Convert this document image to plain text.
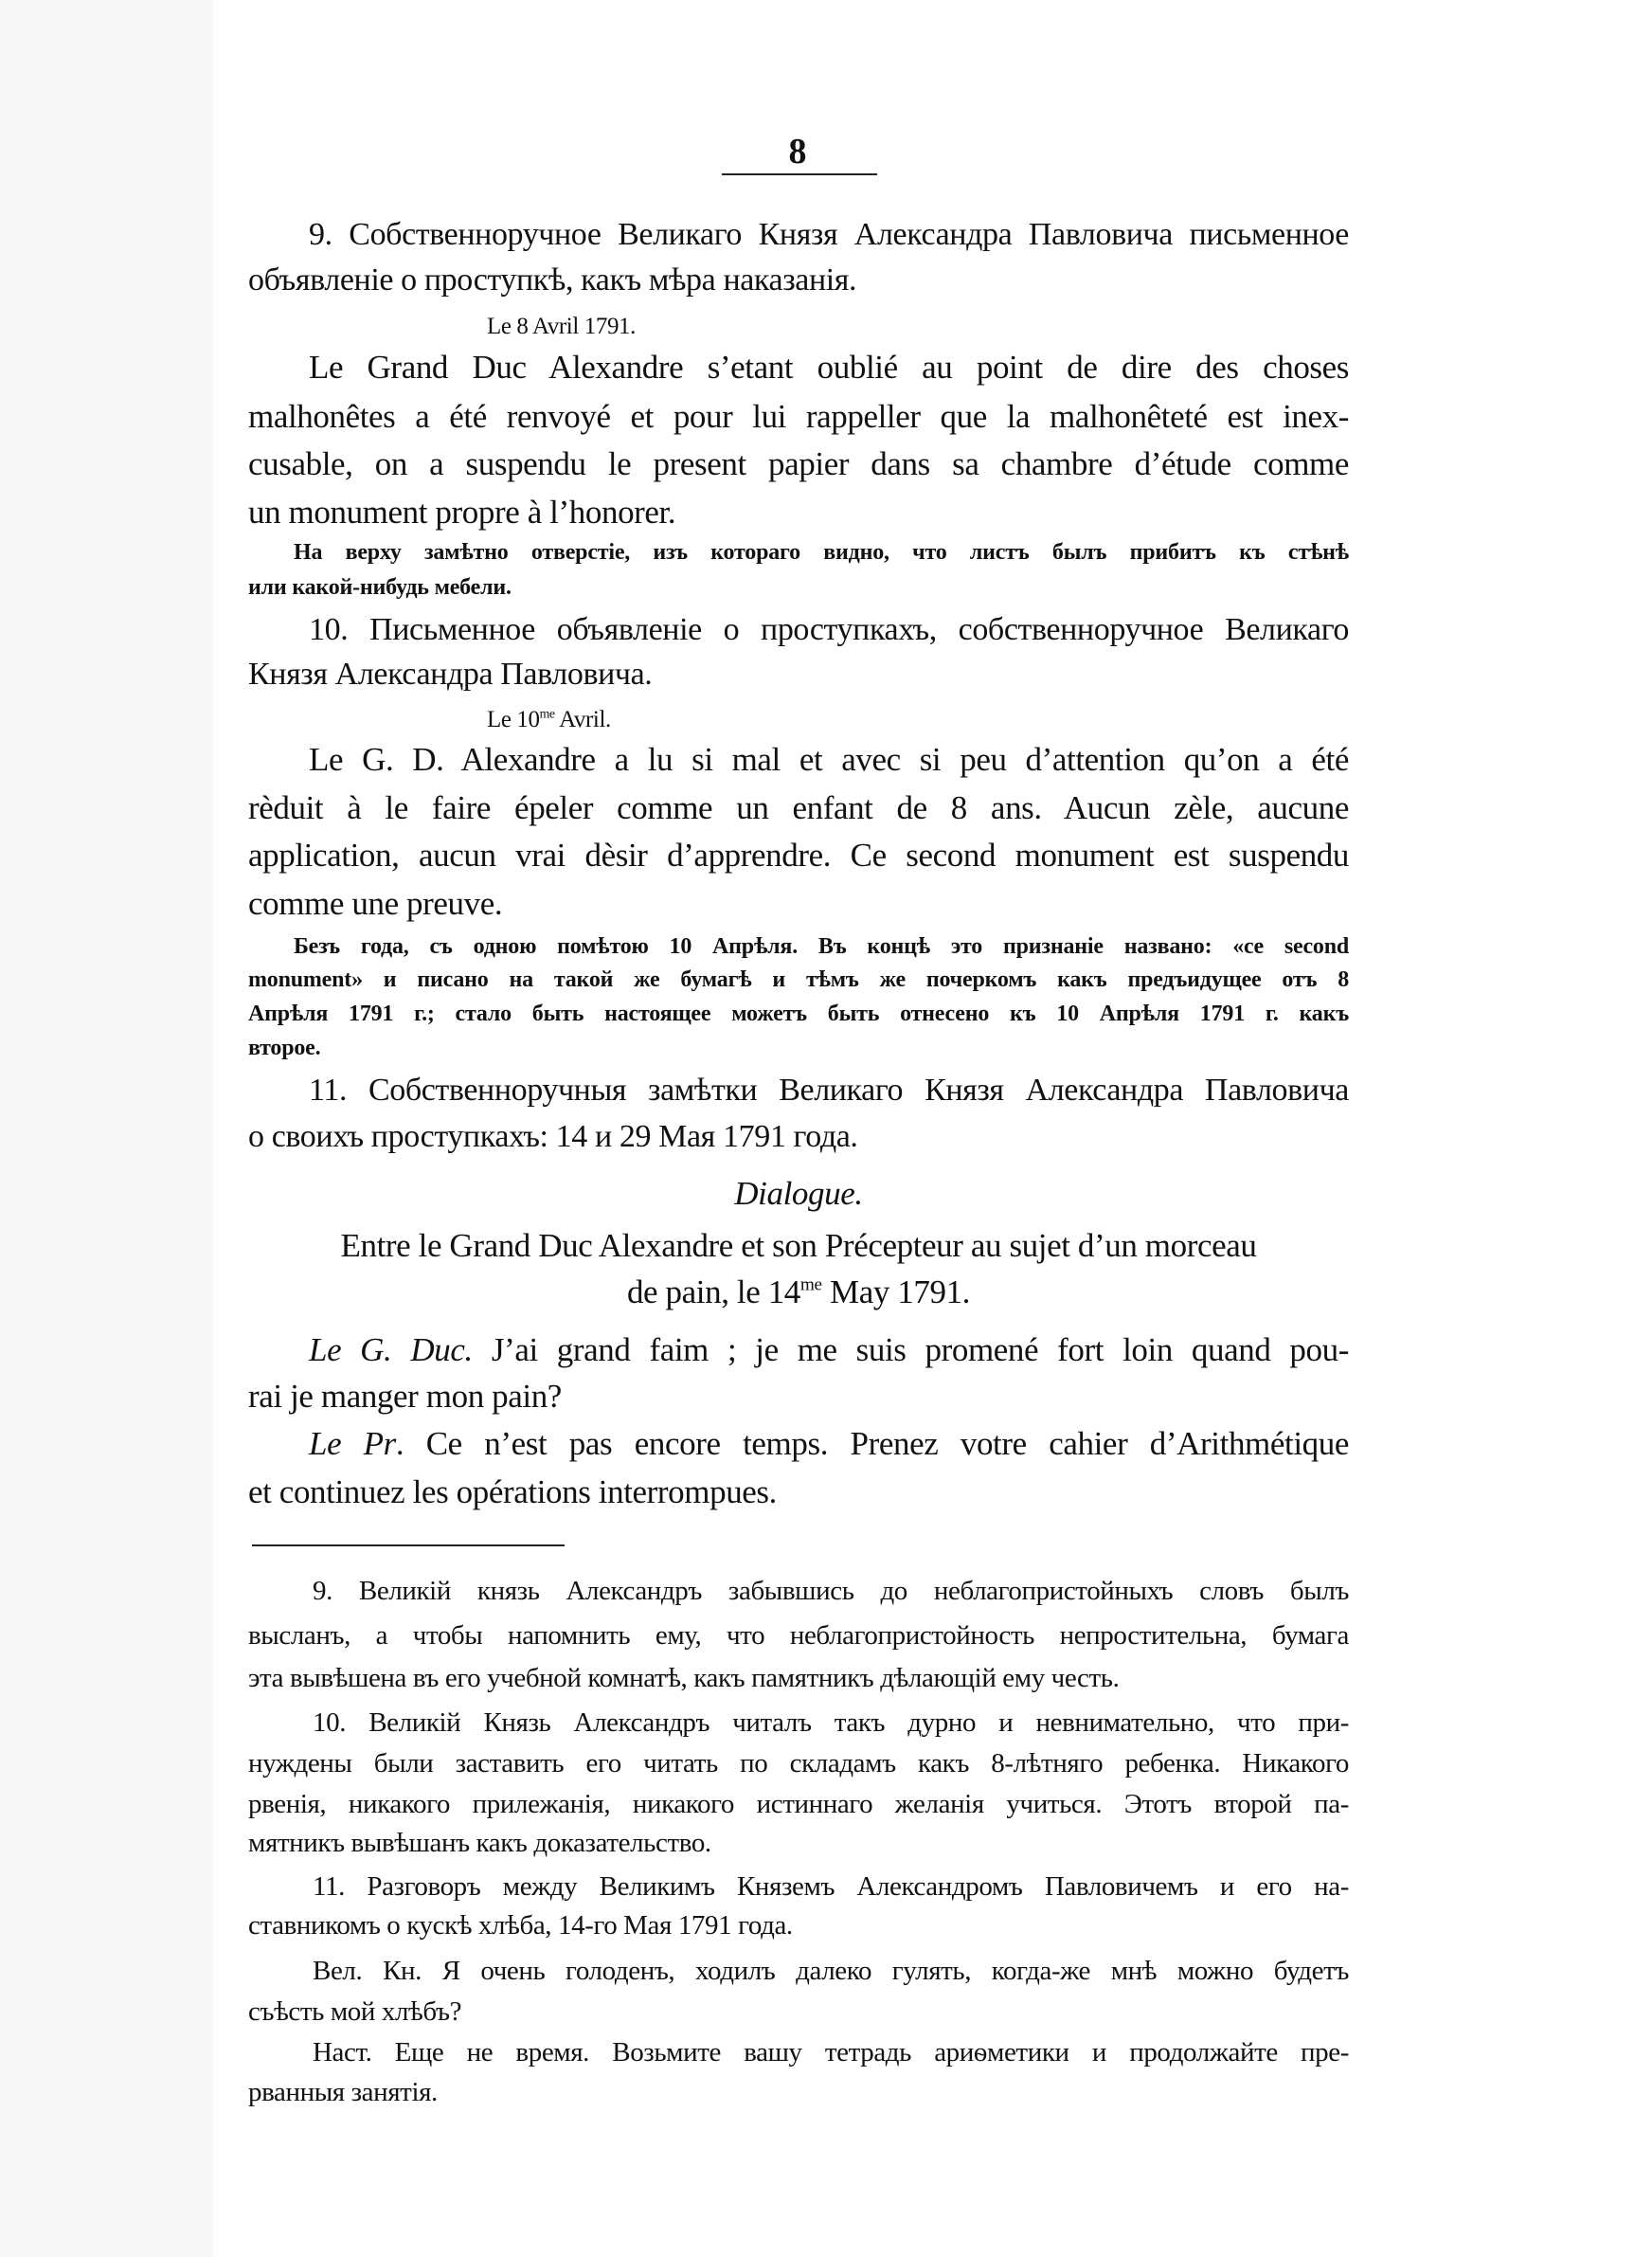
8
9. Собственноручное Великаго Князя Александра Павловича письменное
объявленіе о проступкѣ, какъ мѣра наказанія.
Le 8 Avril 1791.
Le Grand Duc Alexandre s’etant oublié au point de dire des choses
malhonêtes a été renvoyé et pour lui rappeller que la malhonêteté est inex-
cusable, on a suspendu le present papier dans sa chambre d’étude comme
un monument propre à l’honorer.
На верху замѣтно отверстіе, изъ котораго видно, что листъ былъ прибитъ къ стѣнѣ
или какой-нибудь мебели.
10. Письменное объявленіе о проступкахъ, собственноручное Великаго
Князя Александра Павловича.
Le $10^{me}$ Avril.
Le G. D. Alexandre a lu si mal et avec si peu d’attention qu’on a été
rèduit à le faire épeler comme un enfant de 8 ans. Aucun zèle, aucune
application, aucun vrai dèsir d’apprendre. Ce second monument est suspendu
comme une preuve.
Безъ года, съ одною помѣтою 10 Апрѣля. Въ концѣ это признаніе названо: «ce second
monument» и писано на такой же бумагѣ и тѣмъ же почеркомъ какъ предъидущее отъ 8
Апрѣля 1791 г.; стало быть настоящее можетъ быть отнесено къ 10 Апрѣля 1791 г. какъ
второе.
11. Собственноручныя замѣтки Великаго Князя Александра Павловича
о своихъ проступкахъ: 14 и 29 Мая 1791 года.
Dialogue.
Entre le Grand Duc Alexandre et son Précepteur au sujet d’un morceau
de pain, le $14^{me}$ May 1791.
Le G. Duc. J’ai grand faim ; je me suis promené fort loin quand pou-
rai je manger mon pain?
Le Pr. Ce n’est pas encore temps. Prenez votre cahier d’Arithmétique
et continuez les opérations interrompues.
9. Великій князь Александръ забывшись до неблагопристойныхъ словъ былъ
высланъ, а чтобы напомнить ему, что неблагопристойность непростительна, бумага
эта вывѣшена въ его учебной комнатѣ, какъ памятникъ дѣлающій ему честь.
10. Великій Князь Александръ читалъ такъ дурно и невнимательно, что при-
нуждены были заставить его читать по складамъ какъ 8-лѣтняго ребенка. Никакого
рвенія, никакого прилежанія, никакого истиннаго желанія учиться. Этотъ второй па-
мятникъ вывѣшанъ какъ доказательство.
11. Разговоръ между Великимъ Княземъ Александромъ Павловичемъ и его на-
ставникомъ о кускѣ хлѣба, 14-го Мая 1791 года.
Вел. Кн. Я очень голоденъ, ходилъ далеко гулять, когда-же мнѣ можно будетъ
съѣсть мой хлѣбъ?
Наст. Еще не время. Возьмите вашу тетрадь ариѳметики и продолжайте пре-
рванныя занятія.
